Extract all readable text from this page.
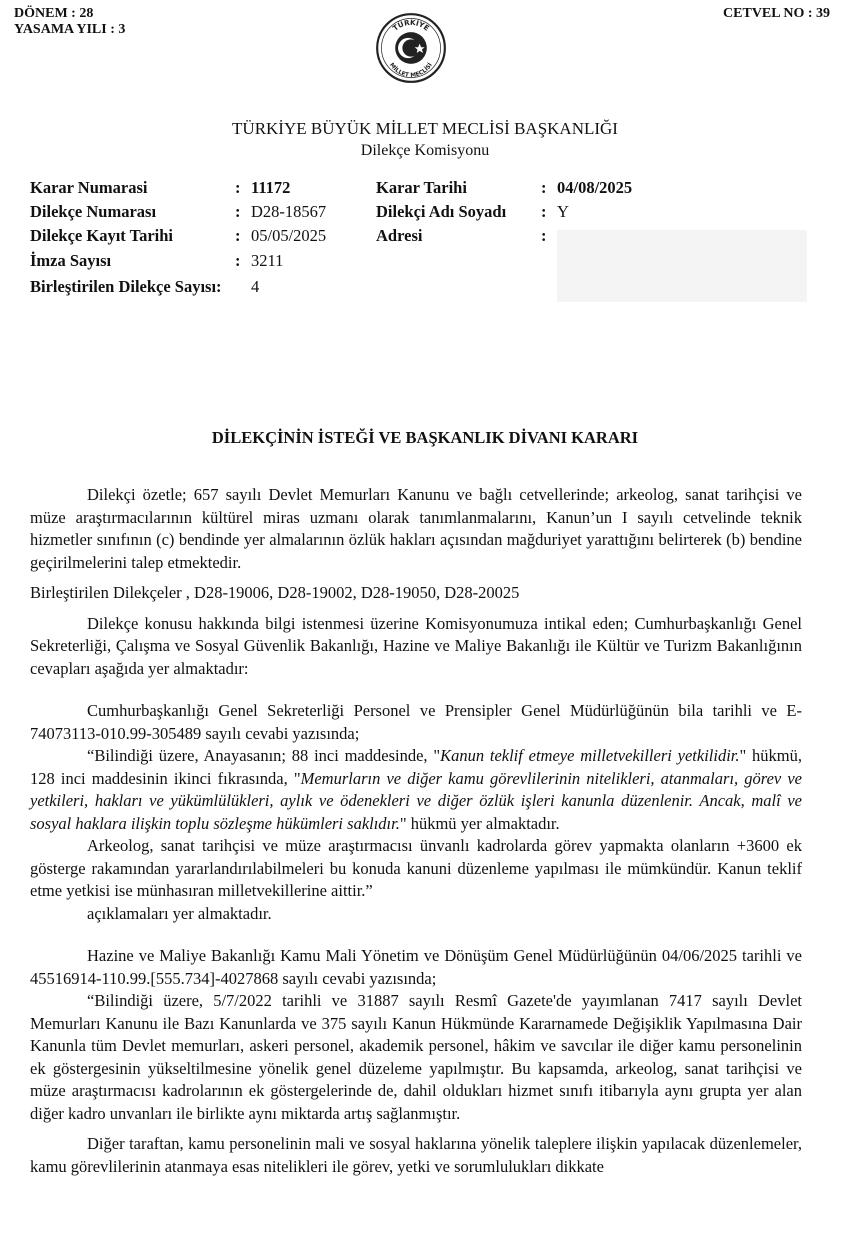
DÖNEM : 28
YASAMA YILI : 3
CETVEL NO : 39
TÜRKİYE
MİLLET MECLİSİ
TÜRKİYE BÜYÜK MİLLET MECLİSİ BAŞKANLIĞI
Dilekçe Komisyonu
Karar Numarasi	:	11172	Karar Tarihi	:	04/08/2025
Dilekçe Numarası	:	D28-18567	Dilekçi Adı Soyadı	:	Y
Dilekçe Kayıt Tarihi	:	05/05/2025	Adresi	:	
İmza Sayısı	:	3211			
Birleştirilen Dilekçe Sayısı:		4			
DİLEKÇİNİN İSTEĞİ VE BAŞKANLIK DİVANI KARARI

Dilekçi özetle; 657 sayılı Devlet Memurları Kanunu ve bağlı cetvellerinde; arkeolog, sanat tarihçisi ve müze araştırmacılarının kültürel miras uzmanı olarak tanımlanmalarını, Kanun’un I sayılı cetvelinde teknik hizmetler sınıfının (c) bendinde yer almalarının özlük hakları açısından mağduriyet yarattığını belirterek (b) bendine geçirilmelerini talep etmektedir.

Birleştirilen Dilekçeler , D28-19006, D28-19002, D28-19050, D28-20025

Dilekçe konusu hakkında bilgi istenmesi üzerine Komisyonumuza intikal eden; Cumhurbaşkanlığı Genel Sekreterliği, Çalışma ve Sosyal Güvenlik Bakanlığı, Hazine ve Maliye Bakanlığı ile Kültür ve Turizm Bakanlığının cevapları aşağıda yer almaktadır:

Cumhurbaşkanlığı Genel Sekreterliği Personel ve Prensipler Genel Müdürlüğünün bila tarihli ve E-74073113-010.99-305489 sayılı cevabi yazısında;

“Bilindiği üzere, Anayasanın; 88 inci maddesinde, "Kanun teklif etmeye milletvekilleri yetkilidir." hükmü, 128 inci maddesinin ikinci fıkrasında, "Memurların ve diğer kamu görevlilerinin nitelikleri, atanmaları, görev ve yetkileri, hakları ve yükümlülükleri, aylık ve ödenekleri ve diğer özlük işleri kanunla düzenlenir. Ancak, malî ve sosyal haklara ilişkin toplu sözleşme hükümleri saklıdır." hükmü yer almaktadır.

Arkeolog, sanat tarihçisi ve müze araştırmacısı ünvanlı kadrolarda görev yapmakta olanların +3600 ek gösterge rakamından yararlandırılabilmeleri bu konuda kanuni düzenleme yapılması ile mümkündür. Kanun teklif etme yetkisi ise münhasıran milletvekillerine aittir.”

açıklamaları yer almaktadır.

Hazine ve Maliye Bakanlığı Kamu Mali Yönetim ve Dönüşüm Genel Müdürlüğünün 04/06/2025 tarihli ve 45516914-110.99.[555.734]-4027868 sayılı cevabi yazısında;

“Bilindiği üzere, 5/7/2022 tarihli ve 31887 sayılı Resmî Gazete'de yayımlanan 7417 sayılı Devlet Memurları Kanunu ile Bazı Kanunlarda ve 375 sayılı Kanun Hükmünde Kararnamede Değişiklik Yapılmasına Dair Kanunla tüm Devlet memurları, askeri personel, akademik personel, hâkim ve savcılar ile diğer kamu personelinin ek göstergesinin yükseltilmesine yönelik genel düzeleme yapılmıştır. Bu kapsamda, arkeolog, sanat tarihçisi ve müze araştırmacısı kadrolarının ek göstergelerinde de, dahil oldukları hizmet sınıfı itibarıyla aynı grupta yer alan diğer kadro unvanları ile birlikte aynı miktarda artış sağlanmıştır.

Diğer taraftan, kamu personelinin mali ve sosyal haklarına yönelik taleplere ilişkin yapılacak düzenlemeler, kamu görevlilerinin atanmaya esas nitelikleri ile görev, yetki ve sorumlulukları dikkate
